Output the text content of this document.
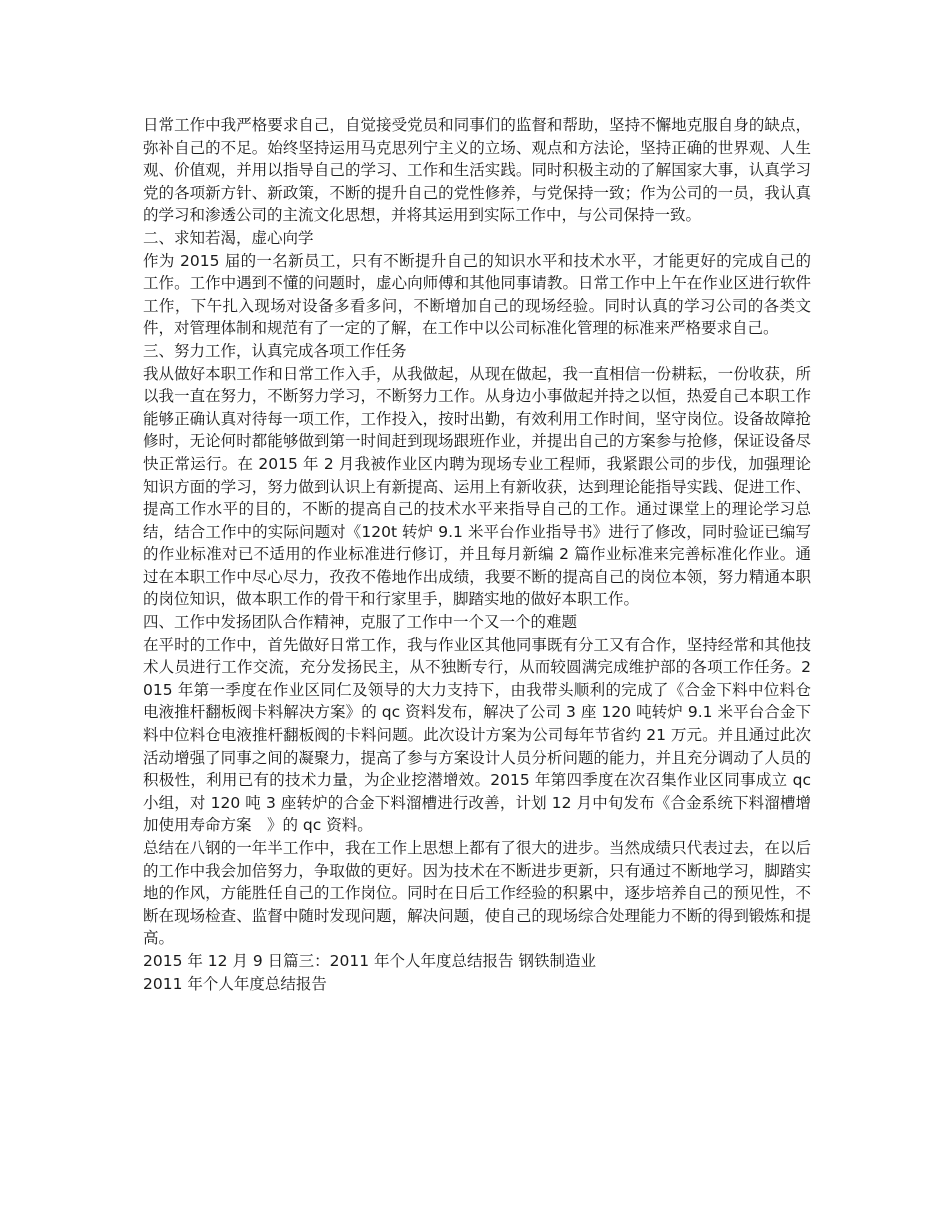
日常工作中我严格要求自己，自觉接受党员和同事们的监督和帮助，坚持不懈地克服自身的缺点，弥补自己的不足。始终坚持运用马克思列宁主义的立场、观点和方法论，坚持正确的世界观、人生观、价值观，并用以指导自己的学习、工作和生活实践。同时积极主动的了解国家大事，认真学习党的各项新方针、新政策，不断的提升自己的党性修养，与党保持一致；作为公司的一员，我认真的学习和渗透公司的主流文化思想，并将其运用到实际工作中，与公司保持一致。

二、求知若渴，虚心向学

作为 2015 届的一名新员工，只有不断提升自己的知识水平和技术水平，才能更好的完成自己的工作。工作中遇到不懂的问题时，虚心向师傅和其他同事请教。日常工作中上午在作业区进行软件工作，下午扎入现场对设备多看多问，不断增加自己的现场经验。同时认真的学习公司的各类文件，对管理体制和规范有了一定的了解，在工作中以公司标准化管理的标准来严格要求自己。

三、努力工作，认真完成各项工作任务

我从做好本职工作和日常工作入手，从我做起，从现在做起，我一直相信一份耕耘，一份收获，所以我一直在努力，不断努力学习，不断努力工作。从身边小事做起并持之以恒，热爱自己本职工作能够正确认真对待每一项工作，工作投入，按时出勤，有效利用工作时间，坚守岗位。设备故障抢修时，无论何时都能够做到第一时间赶到现场跟班作业，并提出自己的方案参与抢修，保证设备尽快正常运行。在 2015 年 2 月我被作业区内聘为现场专业工程师，我紧跟公司的步伐，加强理论知识方面的学习，努力做到认识上有新提高、运用上有新收获，达到理论能指导实践、促进工作、提高工作水平的目的，不断的提高自己的技术水平来指导自己的工作。通过课堂上的理论学习总结，结合工作中的实际问题对《120t 转炉 9.1 米平台作业指导书》进行了修改，同时验证已编写的作业标准对已不适用的作业标准进行修订，并且每月新编 2 篇作业标准来完善标准化作业。通过在本职工作中尽心尽力，孜孜不倦地作出成绩，我要不断的提高自己的岗位本领，努力精通本职的岗位知识，做本职工作的骨干和行家里手，脚踏实地的做好本职工作。

四、工作中发扬团队合作精神，克服了工作中一个又一个的难题

在平时的工作中，首先做好日常工作，我与作业区其他同事既有分工又有合作，坚持经常和其他技术人员进行工作交流，充分发扬民主，从不独断专行，从而较圆满完成维护部的各项工作任务。2015 年第一季度在作业区同仁及领导的大力支持下，由我带头顺利的完成了《合金下料中位料仓电液推杆翻板阀卡料解决方案》的 qc 资料发布，解决了公司 3 座 120 吨转炉 9.1 米平台合金下料中位料仓电液推杆翻板阀的卡料问题。此次设计方案为公司每年节省约 21 万元。并且通过此次活动增强了同事之间的凝聚力，提高了参与方案设计人员分析问题的能力，并且充分调动了人员的积极性，利用已有的技术力量，为企业挖潜增效。2015 年第四季度在次召集作业区同事成立 qc 小组，对 120 吨 3 座转炉的合金下料溜槽进行改善，计划 12 月中旬发布《合金系统下料溜槽增加使用寿命方案　》的 qc 资料。

总结在八钢的一年半工作中，我在工作上思想上都有了很大的进步。当然成绩只代表过去，在以后的工作中我会加倍努力，争取做的更好。因为技术在不断进步更新，只有通过不断地学习，脚踏实地的作风，方能胜任自己的工作岗位。同时在日后工作经验的积累中，逐步培养自己的预见性，不断在现场检查、监督中随时发现问题，解决问题，使自己的现场综合处理能力不断的得到锻炼和提高。

2015 年 12 月 9 日篇三：2011 年个人年度总结报告 钢铁制造业

2011 年个人年度总结报告
